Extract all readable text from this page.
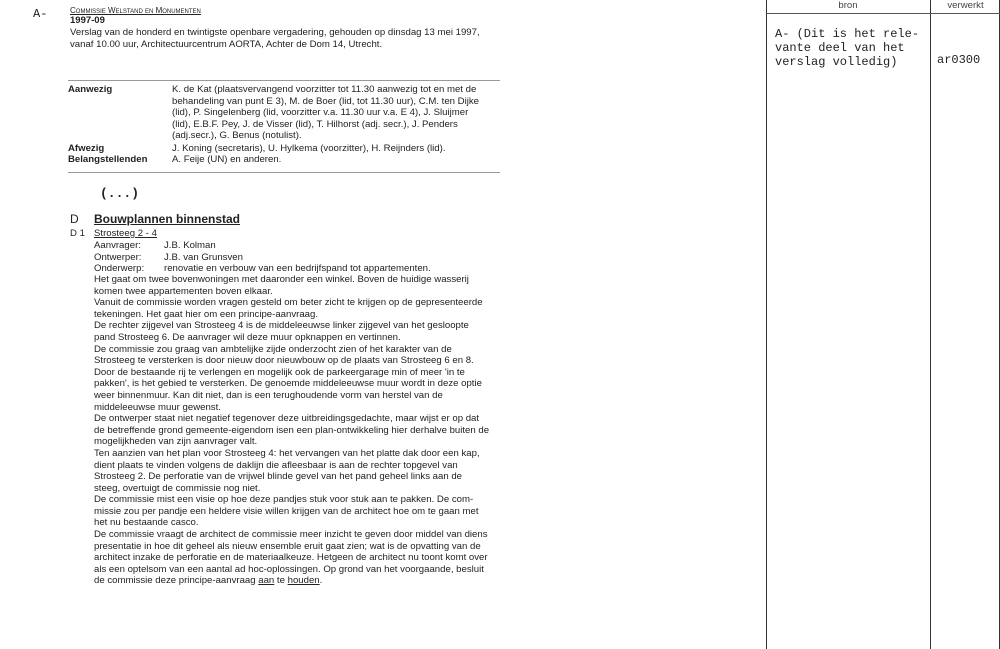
A-	Commissie Welstand en Monumenten
1997-09
Verslag van de honderd en twintigste openbare vergadering, gehouden op dinsdag 13 mei 1997,
vanaf 10.00 uur, Architectuurcentrum AORTA, Achter de Dom 14, Utrecht.
Aanwezig	K. de Kat (plaatsvervangend voorzitter tot 11.30 aanwezig tot en met de
behandeling van punt E 3), M. de Boer (lid, tot 11.30 uur), C.M. ten Dijke
(lid), P. Singelenberg (lid, voorzitter v.a. 11.30 uur v.a. E 4), J. Sluijmer
(lid), E.B.F. Pey, J. de Visser (lid), T. Hilhorst (adj. secr.), J. Penders
(adj.secr.), G. Benus (notulist).
Afwezig	J. Koning (secretaris), U. Hylkema (voorzitter), H. Reijnders (lid).
Belangstellenden	A. Feije (UN) en anderen.
(...)
D Bouwplannen binnenstad
D 1 Strosteeg 2 - 4
Aanvrager: J.B. Kolman
Ontwerper: J.B. van Grunsven
Onderwerp: renovatie en verbouw van een bedrijfspand tot appartementen.
Het gaat om twee bovenwoningen met daaronder een winkel. Boven de huidige wasserij
komen twee appartementen boven elkaar.
Vanuit de commissie worden vragen gesteld om beter zicht te krijgen op de gepresenteerde
tekeningen. Het gaat hier om een principe-aanvraag.
De rechter zijgevel van Strosteeg 4 is de middeleeuwse linker zijgevel van het gesloopte
pand Strosteeg 6. De aanvrager wil deze muur opknappen en vertinnen.
De commissie zou graag van ambtelijke zijde onderzocht zien of het karakter van de
Strosteeg te versterken is door nieuw door nieuwbouw op de plaats van Strosteeg 6 en 8.
Door de bestaande rij te verlengen en mogelijk ook de parkeergarage min of meer 'in te
pakken', is het gebied te versterken. De genoemde middeleeuwse muur wordt in deze optie
weer binnenmuur. Kan dit niet, dan is een terughoudende vorm van herstel van de
middeleeuwse muur gewenst.
De ontwerper staat niet negatief tegenover deze uitbreidingsgedachte, maar wijst er op dat
de betreffende grond gemeente-eigendom isen een plan-ontwikkeling hier derhalve buiten de
mogelijkheden van zijn aanvrager valt.
Ten aanzien van het plan voor Strosteeg 4: het vervangen van het platte dak door een kap,
dient plaats te vinden volgens de daklijn die afleesbaar is aan de rechter topgevel van
Strosteeg 2. De perforatie van de vrijwel blinde gevel van het pand geheel links aan de
steeg, overtuigt de commissie nog niet.
De commissie mist een visie op hoe deze pandjes stuk voor stuk aan te pakken. De com-
missie zou per pandje een heldere visie willen krijgen van de architect hoe om te gaan met
het nu bestaande casco.
De commissie vraagt de architect de commissie meer inzicht te geven door middel van diens
presentatie in hoe dit geheel als nieuw ensemble eruit gaat zien; wat is de opvatting van de
architect inzake de perforatie en de materiaalkeuze. Hetgeen de architect nu toont komt over
als een optelsom van een aantal ad hoc-oplossingen. Op grond van het voorgaande, besluit
de commissie deze principe-aanvraag aan te houden.
bron	verwerkt
A- (Dit is het rele-
vante deel van het
verslag volledig)	ar0300
